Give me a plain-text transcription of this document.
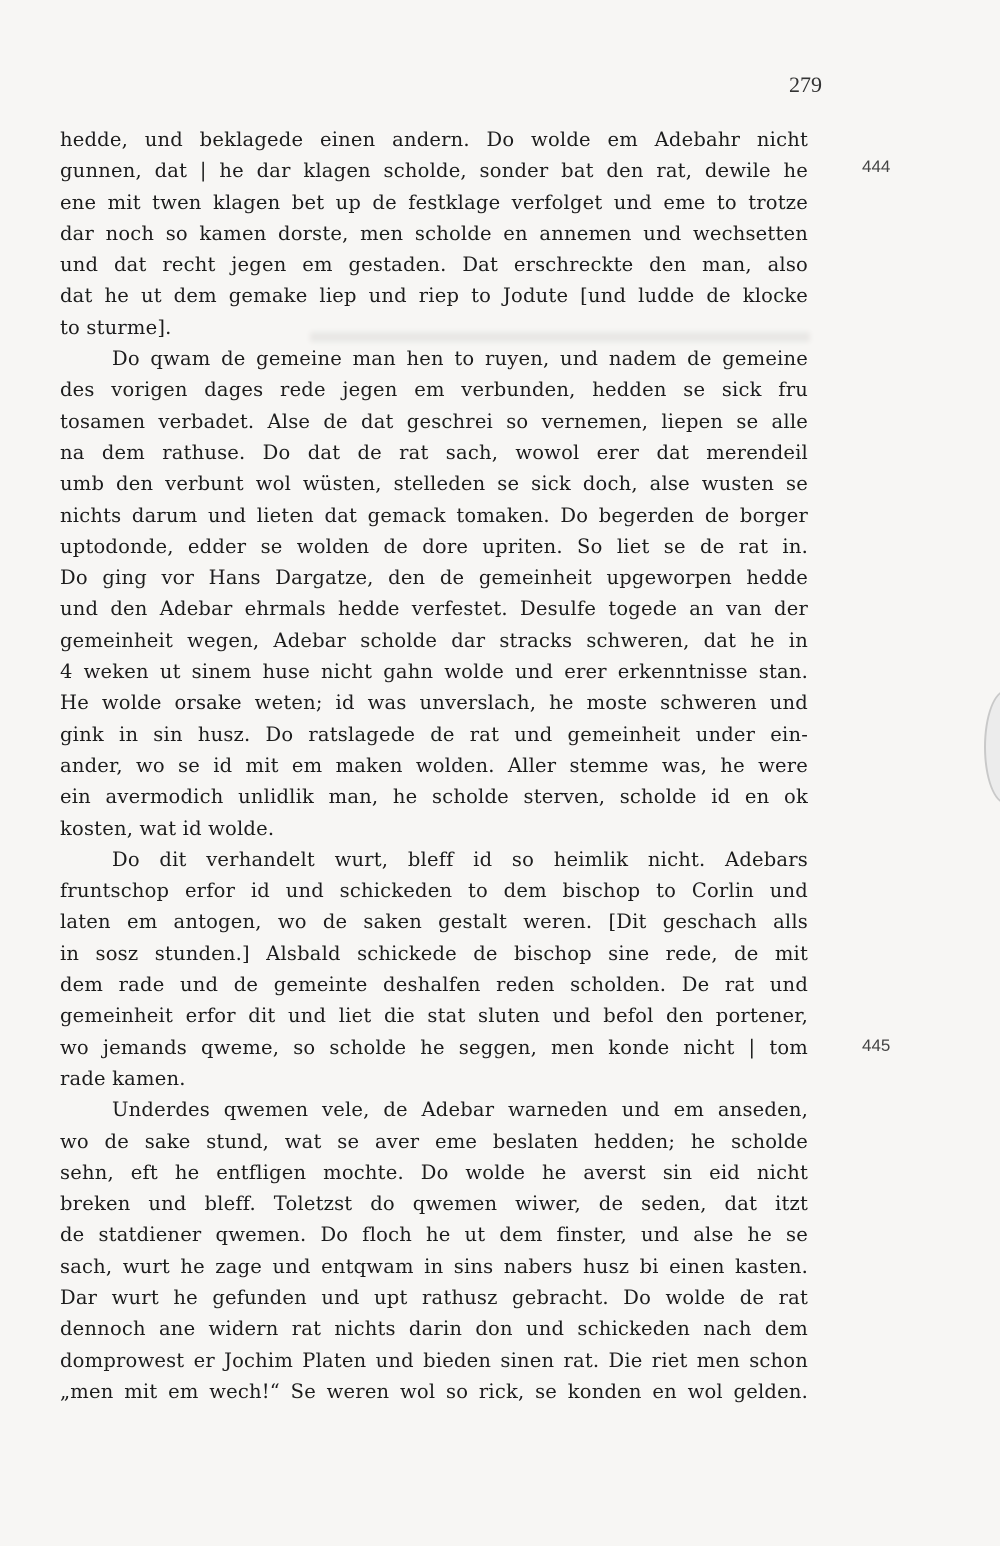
279
444
445
hedde, und beklagede einen andern. Do wolde em Adebahr nicht
gunnen, dat | he dar klagen scholde, sonder bat den rat, dewile he
ene mit twen klagen bet up de festklage verfolget und eme to trotze
dar noch so kamen dorste, men scholde en annemen und wechsetten
und dat recht jegen em gestaden. Dat erschreckte den man, also
dat he ut dem gemake liep und riep to Jodute [und ludde de klocke
to sturme].
Do qwam de gemeine man hen to ruyen, und nadem de gemeine
des vorigen dages rede jegen em verbunden, hedden se sick fru
tosamen verbadet. Alse de dat geschrei so vernemen, liepen se alle
na dem rathuse. Do dat de rat sach, wowol erer dat merendeil
umb den verbunt wol wüsten, stelleden se sick doch, alse wusten se
nichts darum und lieten dat gemack tomaken. Do begerden de borger
uptodonde, edder se wolden de dore upriten. So liet se de rat in.
Do ging vor Hans Dargatze, den de gemeinheit upgeworpen hedde
und den Adebar ehrmals hedde verfestet. Desulfe togede an van der
gemeinheit wegen, Adebar scholde dar stracks schweren, dat he in
4 weken ut sinem huse nicht gahn wolde und erer erkenntnisse stan.
He wolde orsake weten; id was unverslach, he moste schweren und
gink in sin husz. Do ratslagede de rat und gemeinheit under ein-
ander, wo se id mit em maken wolden. Aller stemme was, he were
ein avermodich unlidlik man, he scholde sterven, scholde id en ok
kosten, wat id wolde.
Do dit verhandelt wurt, bleff id so heimlik nicht. Adebars
fruntschop erfor id und schickeden to dem bischop to Corlin und
laten em antogen, wo de saken gestalt weren. [Dit geschach alls
in sosz stunden.] Alsbald schickede de bischop sine rede, de mit
dem rade und de gemeinte deshalfen reden scholden. De rat und
gemeinheit erfor dit und liet die stat sluten und befol den portener,
wo jemands qweme, so scholde he seggen, men konde nicht | tom
rade kamen.
Underdes qwemen vele, de Adebar warneden und em anseden,
wo de sake stund, wat se aver eme beslaten hedden; he scholde
sehn, eft he entfligen mochte. Do wolde he averst sin eid nicht
breken und bleff. Toletzst do qwemen wiwer, de seden, dat itzt
de statdiener qwemen. Do floch he ut dem finster, und alse he se
sach, wurt he zage und entqwam in sins nabers husz bi einen kasten.
Dar wurt he gefunden und upt rathusz gebracht. Do wolde de rat
dennoch ane widern rat nichts darin don und schickeden nach dem
domprowest er Jochim Platen und bieden sinen rat. Die riet men schon
„men mit em wech!“ Se weren wol so rick, se konden en wol gelden.
